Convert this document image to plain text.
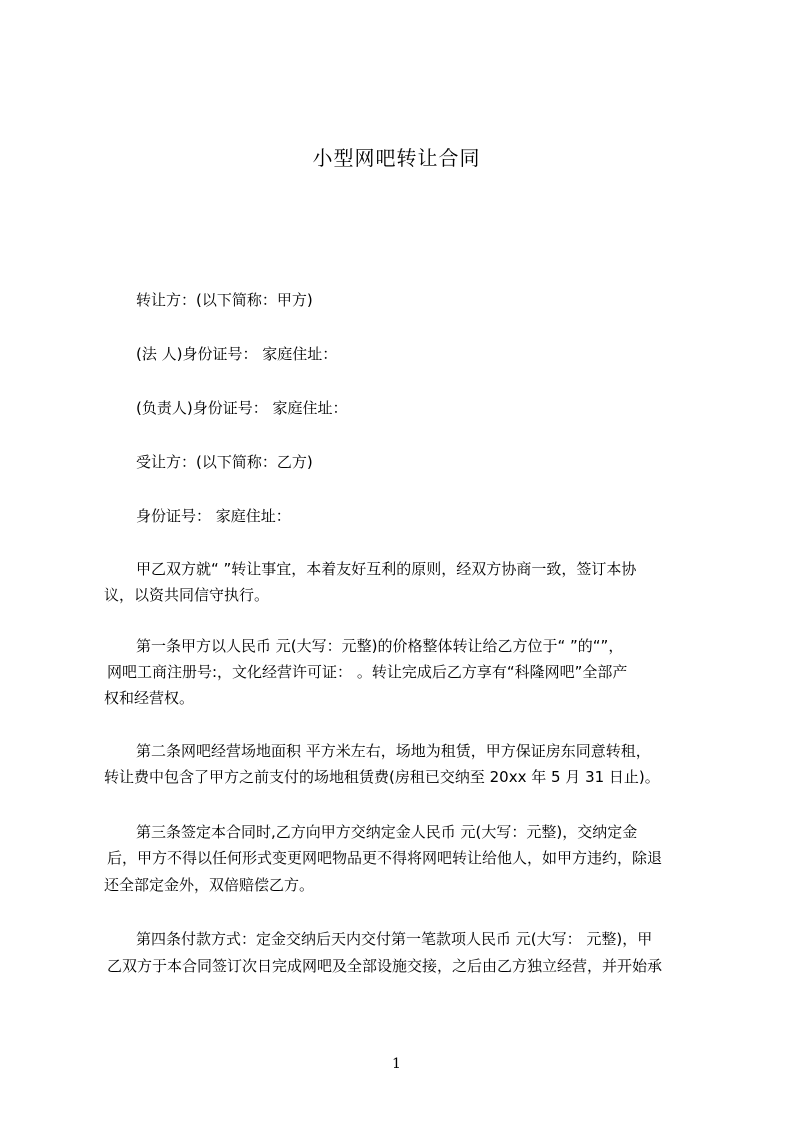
小型网吧转让合同
转让方：(以下简称：甲方)
(法 人)身份证号： 家庭住址：
(负责人)身份证号： 家庭住址：
受让方：(以下简称：乙方)
身份证号： 家庭住址：
甲乙双方就“ ”转让事宜，本着友好互利的原则，经双方协商一致，签订本协
议，以资共同信守执行。
第一条甲方以人民币 元(大写：元整)的价格整体转让给乙方位于“ ”的“”，
网吧工商注册号:，文化经营许可证： 。转让完成后乙方享有“科隆网吧”全部产
权和经营权。
第二条网吧经营场地面积 平方米左右，场地为租赁，甲方保证房东同意转租，
转让费中包含了甲方之前支付的场地租赁费(房租已交纳至 20xx 年 5 月 31 日止)。
第三条签定本合同时,乙方向甲方交纳定金人民币 元(大写：元整)，交纳定金
后，甲方不得以任何形式变更网吧物品更不得将网吧转让给他人，如甲方违约，除退
还全部定金外，双倍赔偿乙方。
第四条付款方式：定金交纳后天内交付第一笔款项人民币 元(大写： 元整)，甲
乙双方于本合同签订次日完成网吧及全部设施交接，之后由乙方独立经营，并开始承
1
